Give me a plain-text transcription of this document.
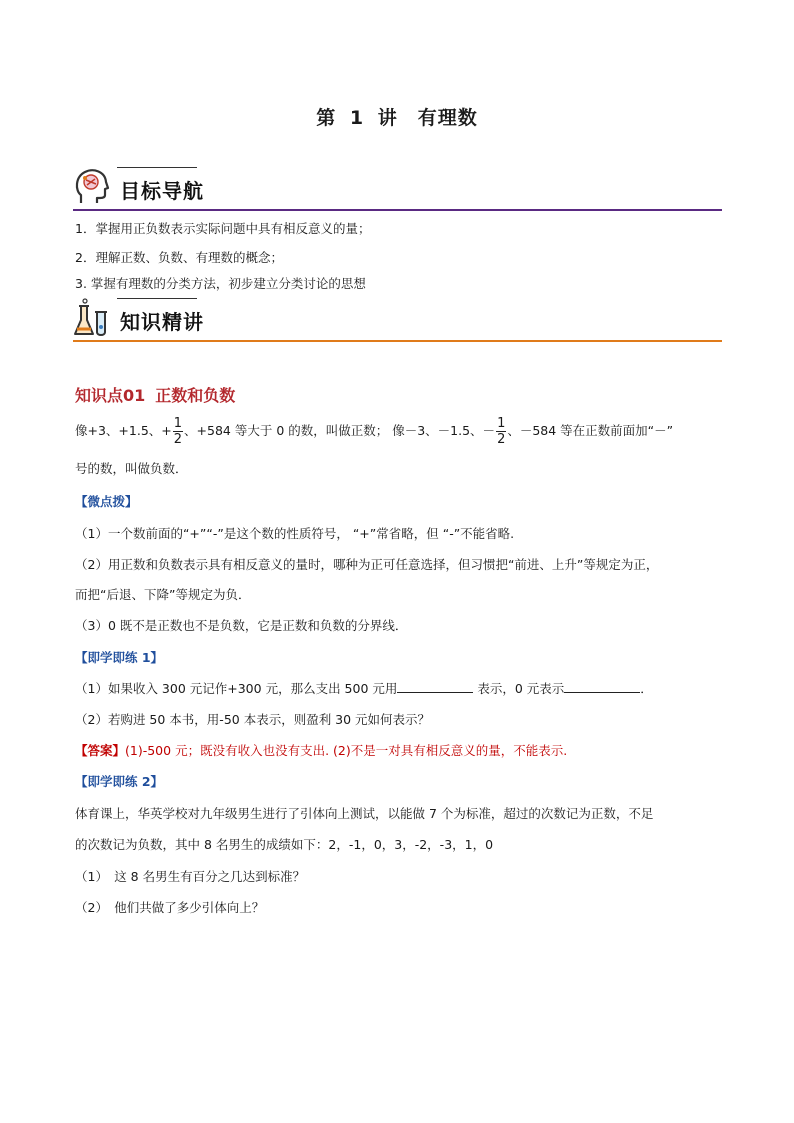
第 1 讲　有理数
目标导航
1．掌握用正负数表示实际问题中具有相反意义的量；
2．理解正数、负数、有理数的概念；
3. 掌握有理数的分类方法，初步建立分类讨论的思想
知识精讲
知识点01 正数和负数
像+3、+1.5、+ $\frac{1}{2}$ 、+584 等大于 0 的数，叫做正数； 像－3、－1.5、－ $\frac{1}{2}$ 、－584 等在正数前面加“－”
号的数，叫做负数．
【微点拨】
（1）一个数前面的“+”“-”是这个数的性质符号， “+”常省略，但 “-”不能省略.
（2）用正数和负数表示具有相反意义的量时，哪种为正可任意选择，但习惯把“前进、上升”等规定为正，
而把“后退、下降”等规定为负．
（3）0 既不是正数也不是负数，它是正数和负数的分界线．
【即学即练 1】
（1）如果收入 300 元记作+300 元，那么支出 500 元用	表示，0 元表示	．
（2）若购进 50 本书，用-50 本表示，则盈利 30 元如何表示？
【答案】(1)-500 元；既没有收入也没有支出. (2)不是一对具有相反意义的量，不能表示.
【即学即练 2】
体育课上，华英学校对九年级男生进行了引体向上测试，以能做 7 个为标准，超过的次数记为正数，不足
的次数记为负数，其中 8 名男生的成绩如下：2，-1，0，3，-2，-3，1，0
（1）　这 8 名男生有百分之几达到标准？
（2）　他们共做了多少引体向上？
